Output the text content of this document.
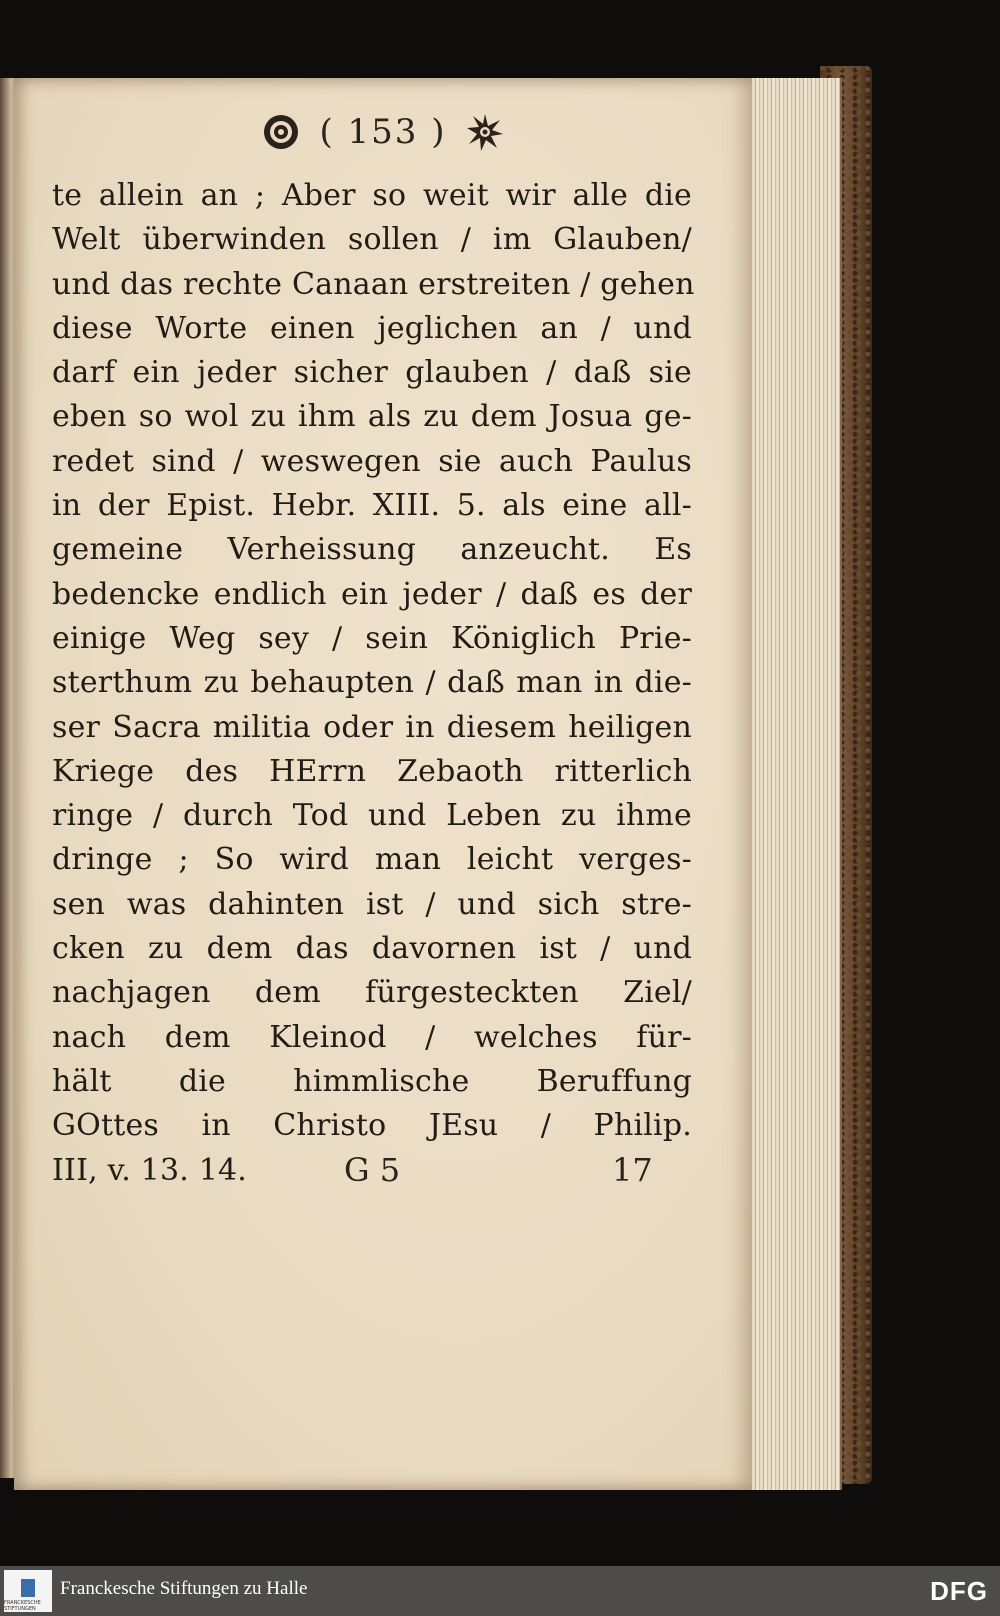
( 153 )
te allein an ; Aber so weit wir alle die
Welt überwinden sollen / im Glauben/
und das rechte Canaan erstreiten / gehen
diese Worte einen jeglichen an / und
darf ein jeder sicher glauben / daß sie
eben so wol zu ihm als zu dem Josua ge-
redet sind / weswegen sie auch Paulus
in der Epist. Hebr. XIII. 5. als eine all-
gemeine Verheissung anzeucht. Es
bedencke endlich ein jeder / daß es der
einige Weg sey / sein Königlich Prie-
sterthum zu behaupten / daß man in die-
ser Sacra militia oder in diesem heiligen
Kriege des HErrn Zebaoth ritterlich
ringe / durch Tod und Leben zu ihme
dringe ; So wird man leicht verges-
sen was dahinten ist / und sich stre-
cken zu dem das davornen ist / und
nachjagen dem fürgesteckten Ziel/
nach dem Kleinod / welches für-
hält die himmlische Beruffung
GOttes in Christo JEsu / Philip.
III, v. 13. 14.	G 5	17
FRANCKESCHE STIFTUNGEN
Franckesche Stiftungen zu Halle	DFG
